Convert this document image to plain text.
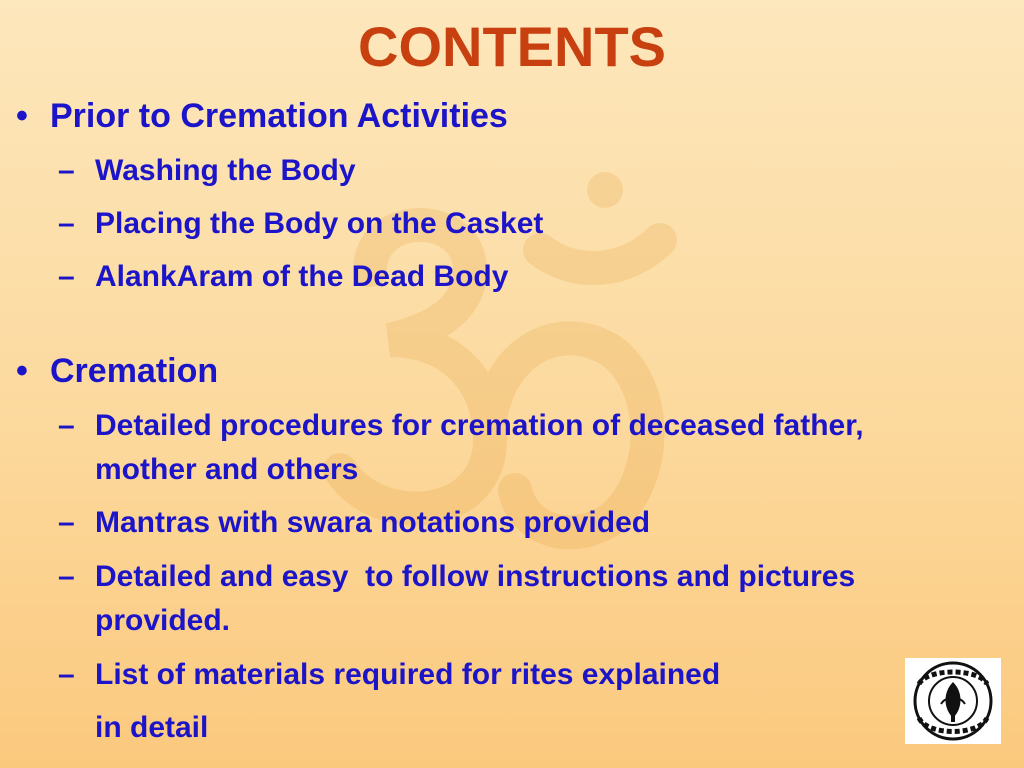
CONTENTS
• Prior to Cremation Activities
– Washing the Body
– Placing the Body on the Casket
– AlankAram of the Dead Body
• Cremation
– Detailed procedures for cremation of deceased father, mother and others
– Mantras with swara notations provided
– Detailed and easy  to follow instructions and pictures provided.
– List of materials required for rites explained
in detail
